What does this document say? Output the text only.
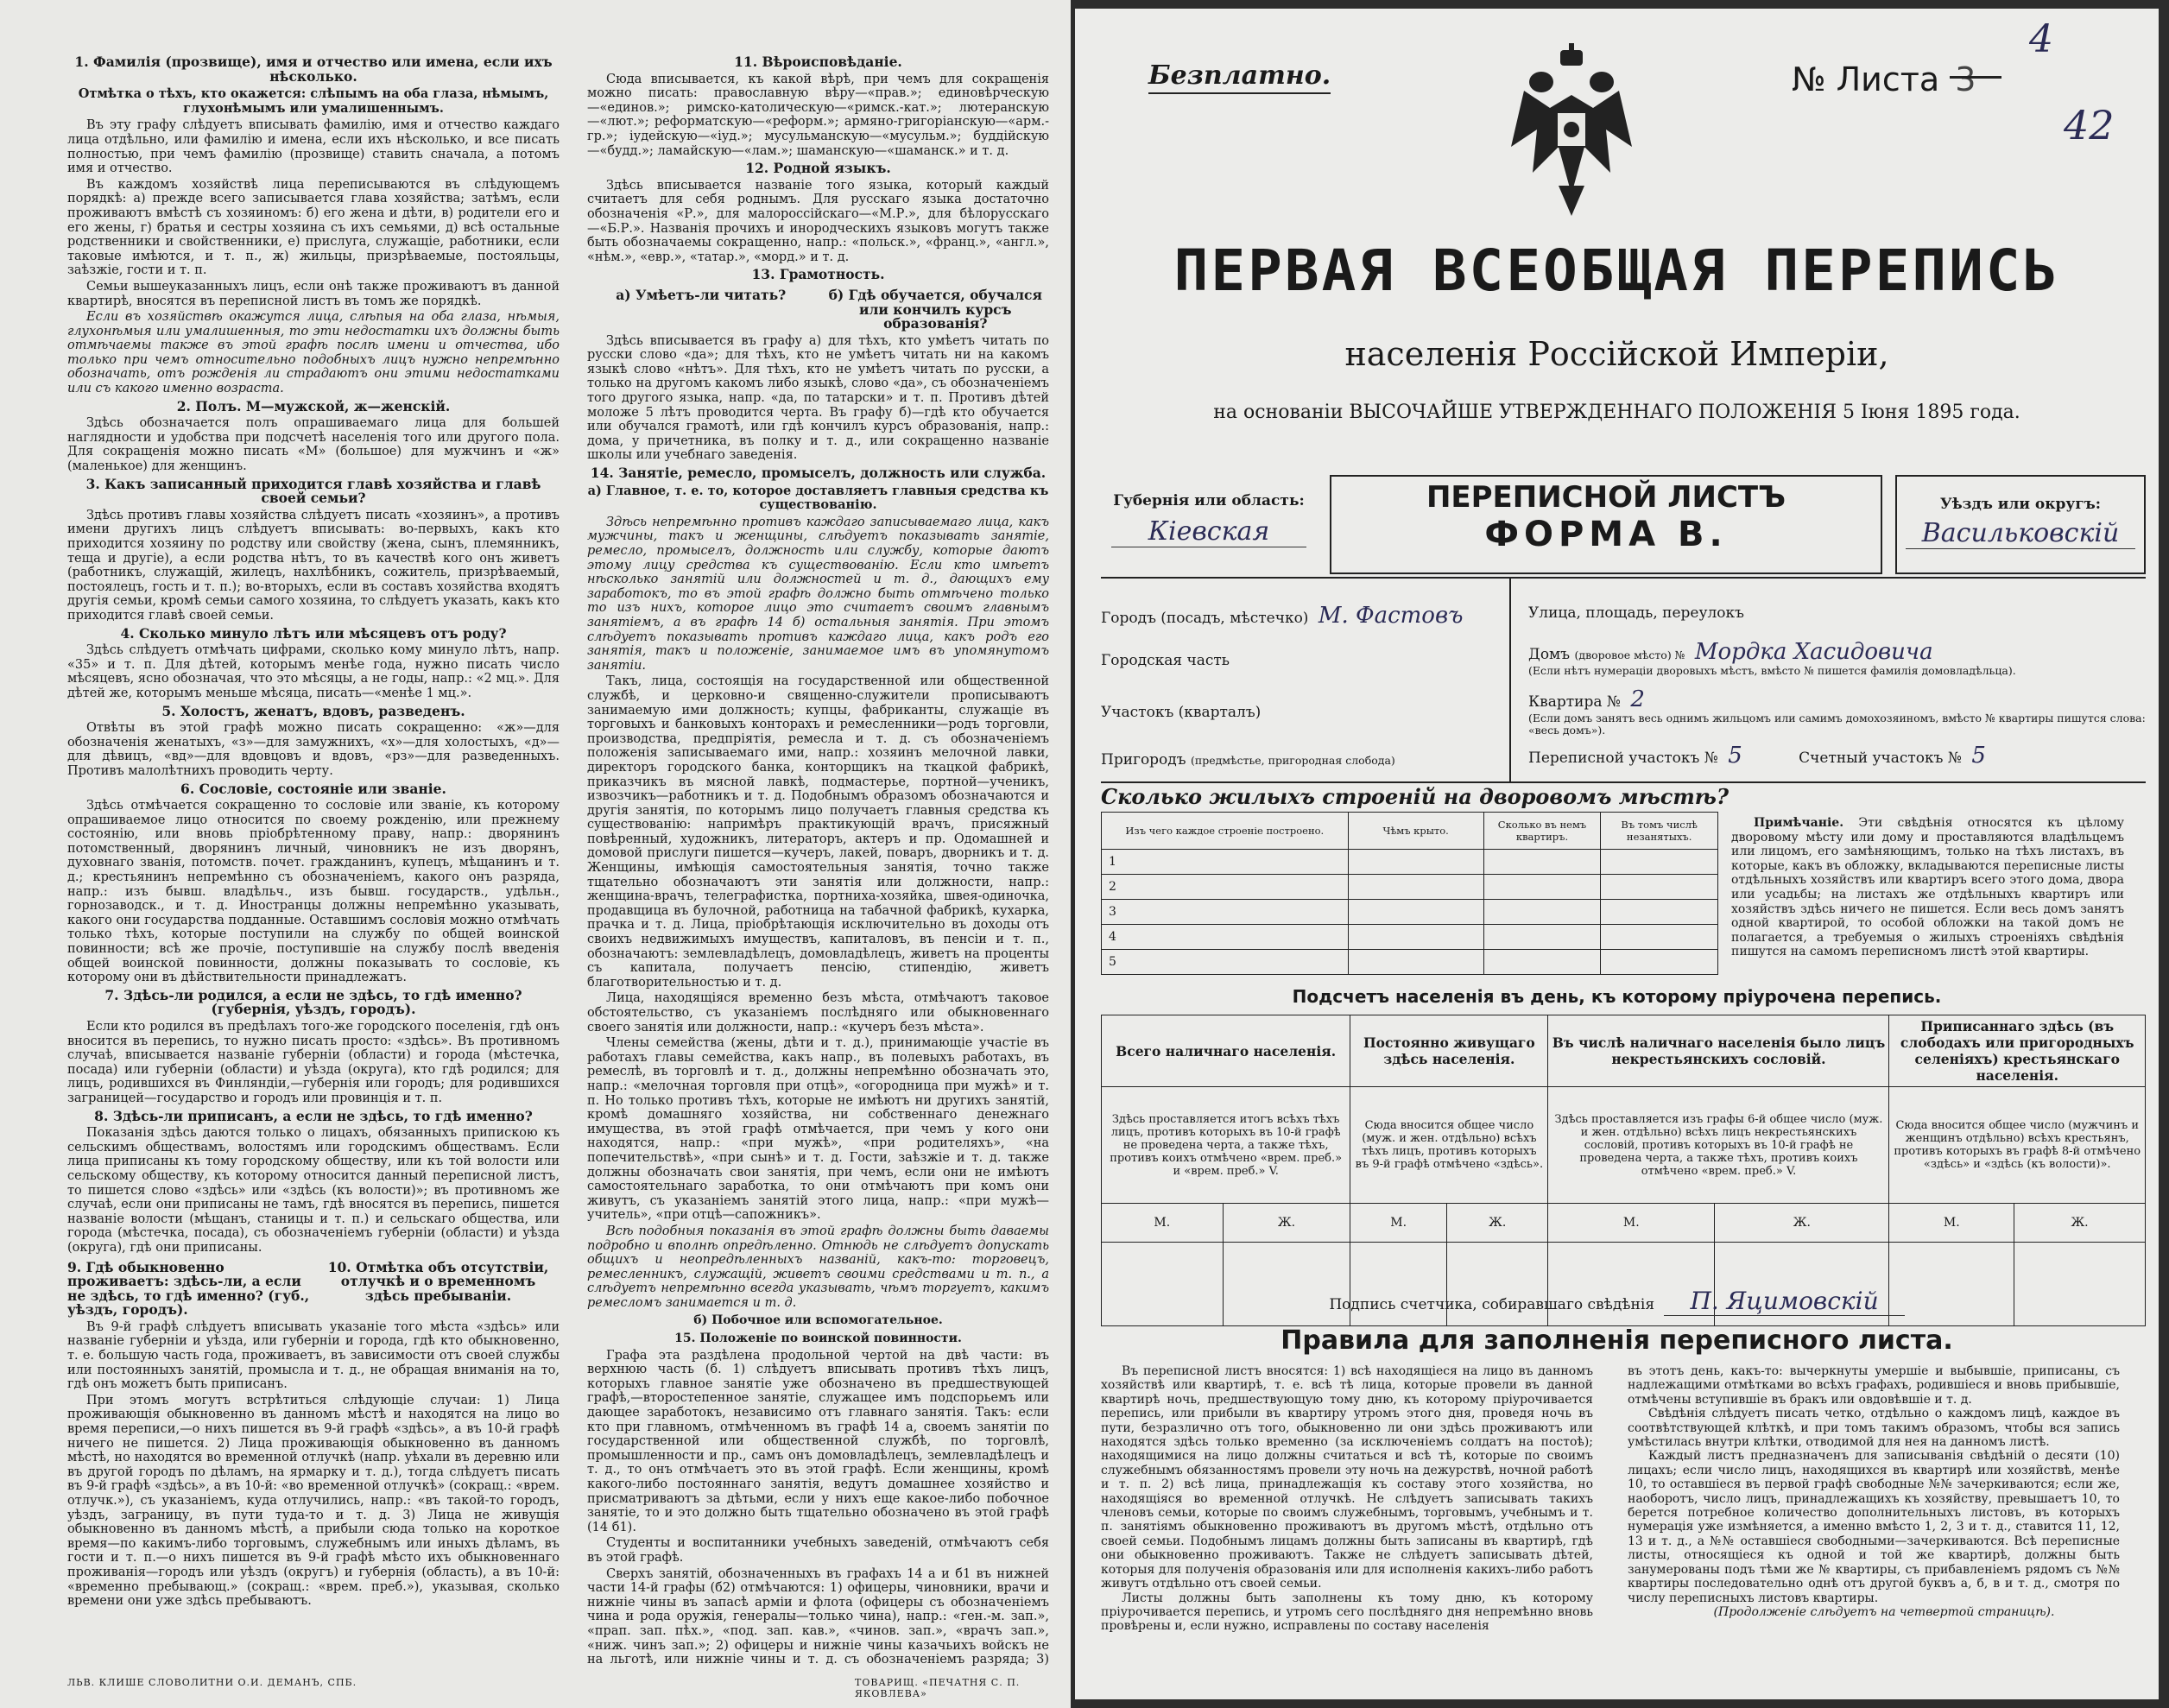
1. Фамилія (прозвище), имя и отчество или имена, если ихъ нѣсколько.
Отмѣтка о тѣхъ, кто окажется: слѣпымъ на оба глаза, нѣмымъ, глухонѣмымъ или умалишеннымъ.

Въ эту графу слѣдуетъ вписывать фамилію, имя и отчество каждаго лица отдѣльно, или фамилію и имена, если ихъ нѣсколько, и все писать полностью, при чемъ фамилію (прозвище) ставить сначала, а потомъ имя и отчество.

Въ каждомъ хозяйствѣ лица переписываются въ слѣдующемъ порядкѣ: а) прежде всего записывается глава хозяйства; затѣмъ, если проживаютъ вмѣстѣ съ хозяиномъ: б) его жена и дѣти, в) родители его и его жены, г) братья и сестры хозяина съ ихъ семьями, д) всѣ остальные родственники и свойственники, е) прислуга, служащіе, работники, если таковые имѣются, и т. п., ж) жильцы, призрѣваемые, постояльцы, заѣзжіе, гости и т. п.

Семьи вышеуказанныхъ лицъ, если онѣ также проживаютъ въ данной квартирѣ, вносятся въ переписной листъ въ томъ же порядкѣ.

Если въ хозяйствѣ окажутся лица, слѣпыя на оба глаза, нѣмыя, глухонѣмыя или умалишенныя, то эти недостатки ихъ должны быть отмѣчаемы также въ этой графѣ послѣ имени и отчества, ибо только при чемъ относительно подобныхъ лицъ нужно непремѣнно обозначать, отъ рожденія ли страдаютъ они этими недостатками или съ какого именно возраста.

2. Полъ. М—мужской, ж—женскій.

Здѣсь обозначается полъ опрашиваемаго лица для большей наглядности и удобства при подсчетѣ населенія того или другого пола. Для сокращенія можно писать «М» (большое) для мужчинъ и «ж» (маленькое) для женщинъ.

3. Какъ записанный приходится главѣ хозяйства и главѣ своей семьи?

Здѣсь противъ главы хозяйства слѣдуетъ писать «хозяинъ», а противъ имени другихъ лицъ слѣдуетъ вписывать: во-первыхъ, какъ кто приходится хозяину по родству или свойству (жена, сынъ, племянникъ, теща и другіе), а если родства нѣтъ, то въ качествѣ кого онъ живетъ (работникъ, служащій, жилецъ, нахлѣбникъ, сожитель, призрѣваемый, постоялецъ, гость и т. п.); во-вторыхъ, если въ составъ хозяйства входятъ другія семьи, кромѣ семьи самого хозяина, то слѣдуетъ указать, какъ кто приходится главѣ своей семьи.

4. Сколько минуло лѣтъ или мѣсяцевъ отъ роду?

Здѣсь слѣдуетъ отмѣчать цифрами, сколько кому минуло лѣтъ, напр. «35» и т. п. Для дѣтей, которымъ менѣе года, нужно писать число мѣсяцевъ, ясно обозначая, что это мѣсяцы, а не годы, напр.: «2 мц.». Для дѣтей же, которымъ меньше мѣсяца, писать—«менѣе 1 мц.».

5. Холостъ, женатъ, вдовъ, разведенъ.

Отвѣты въ этой графѣ можно писать сокращенно: «ж»—для обозначенія женатыхъ, «з»—для замужнихъ, «х»—для холостыхъ, «д»—для дѣвицъ, «вд»—для вдовцовъ и вдовъ, «рз»—для разведенныхъ. Противъ малолѣтнихъ проводить черту.

6. Сословіе, состояніе или званіе.

Здѣсь отмѣчается сокращенно то сословіе или званіе, къ которому опрашиваемое лицо относится по своему рожденію, или прежнему состоянію, или вновь пріобрѣтенному праву, напр.: дворянинъ потомственный, дворянинъ личный, чиновникъ не изъ дворянъ, духовнаго званія, потомств. почет. гражданинъ, купецъ, мѣщанинъ и т. д.; крестьянинъ непремѣнно съ обозначеніемъ, какого онъ разряда, напр.: изъ бывш. владѣльч., изъ бывш. государств., удѣльн., горнозаводск., и т. д. Иностранцы должны непремѣнно указывать, какого они государства подданные. Оставшимъ сословія можно отмѣчать только тѣхъ, которые поступили на службу по общей воинской повинности; всѣ же прочіе, поступившіе на службу послѣ введенія общей воинской повинности, должны показывать то сословіе, къ которому они въ дѣйствительности принадлежатъ.

7. Здѣсь-ли родился, а если не здѣсь, то гдѣ именно? (губернія, уѣздъ, городъ).

Если кто родился въ предѣлахъ того-же городского поселенія, гдѣ онъ вносится въ перепись, то нужно писать просто: «здѣсь». Въ противномъ случаѣ, вписывается названіе губерніи (области) и города (мѣстечка, посада) или губерніи (области) и уѣзда (округа), кто гдѣ родился; для лицъ, родившихся въ Финляндіи,—губернія или городъ; для родившихся заграницей—государство и городъ или провинція и т. п.

8. Здѣсь-ли приписанъ, а если не здѣсь, то гдѣ именно?

Показанія здѣсь даются только о лицахъ, обязанныхъ припискою къ сельскимъ обществамъ, волостямъ или городскимъ обществамъ. Если лица приписаны къ тому городскому обществу, или къ той волости или сельскому обществу, къ которому относится данный переписной листъ, то пишется слово «здѣсь» или «здѣсь (къ волости)»; въ противномъ же случаѣ, если они приписаны не тамъ, гдѣ вносятся въ перепись, пишется названіе волости (мѣщанъ, станицы и т. п.) и сельскаго общества, или города (мѣстечка, посада), съ обозначеніемъ губерніи (области) и уѣзда (округа), гдѣ они приписаны.

9. Гдѣ обыкновенно проживаетъ: здѣсь-ли, а если не здѣсь, то гдѣ именно? (губ., уѣздъ, городъ).
10. Отмѣтка объ отсутствіи, отлучкѣ и о временномъ здѣсь пребываніи.

Въ 9-й графѣ слѣдуетъ вписывать указаніе того мѣста «здѣсь» или названіе губерніи и уѣзда, или губерніи и города, гдѣ кто обыкновенно, т. е. большую часть года, проживаетъ, въ зависимости отъ своей службы или постоянныхъ занятій, промысла и т. д., не обращая вниманія на то, гдѣ онъ можетъ быть приписанъ.

При этомъ могутъ встрѣтиться слѣдующіе случаи: 1) Лица проживающія обыкновенно въ данномъ мѣстѣ и находятся на лицо во время переписи,—о нихъ пишется въ 9-й графѣ «здѣсь», а въ 10-й графѣ ничего не пишется. 2) Лица проживающія обыкновенно въ данномъ мѣстѣ, но находятся во временной отлучкѣ (напр. уѣхали въ деревню или въ другой городъ по дѣламъ, на ярмарку и т. д.), тогда слѣдуетъ писать въ 9-й графѣ «здѣсь», а въ 10-й: «во временной отлучкѣ» (сокращ.: «врем. отлучк.»), съ указаніемъ, куда отлучились, напр.: «въ такой-то городъ, уѣздъ, заграницу, въ пути туда-то и т. д. 3) Лица не живущія обыкновенно въ данномъ мѣстѣ, а прибыли сюда только на короткое время—по какимъ-либо торговымъ, служебнымъ или иныхъ дѣламъ, въ гости и т. п.—о нихъ пишется въ 9-й графѣ мѣсто ихъ обыкновеннаго проживанія—городъ или уѣздъ (округъ) и губернія (область), а въ 10-й: «временно пребывающ.» (сокращ.: «врем. преб.»), указывая, сколько времени они уже здѣсь пребываютъ.

ЛЬВ. КЛИШЕ СЛОВОЛИТНИ О.И. ДЕМАНЪ, СПБ.
11. Вѣроисповѣданіе.

Сюда вписывается, къ какой вѣрѣ, при чемъ для сокращенія можно писать: православную вѣру—«прав.»; единовѣрческую—«единов.»; римско-католическую—«римск.-кат.»; лютеранскую—«лют.»; реформатскую—«реформ.»; армяно-григоріанскую—«арм.-гр.»; іудейскую—«іуд.»; мусульманскую—«мусульм.»; буддійскую—«будд.»; ламайскую—«лам.»; шаманскую—«шаманск.» и т. д.

12. Родной языкъ.

Здѣсь вписывается названіе того языка, который каждый считаетъ для себя роднымъ. Для русскаго языка достаточно обозначенія «Р.», для малороссійскаго—«М.Р.», для бѣлорусскаго—«Б.Р.». Названія прочихъ и инородческихъ языковъ могутъ также быть обозначаемы сокращенно, напр.: «польск.», «франц.», «англ.», «нѣм.», «евр.», «татар.», «морд.» и т. д.

13. Грамотность.
а) Умѣетъ-ли читать?	б) Гдѣ обучается, обучался или кончилъ курсъ образованія?

Здѣсь вписывается въ графу а) для тѣхъ, кто умѣетъ читать по русски слово «да»; для тѣхъ, кто не умѣетъ читать ни на какомъ языкѣ слово «нѣтъ». Для тѣхъ, кто не умѣетъ читать по русски, а только на другомъ какомъ либо языкѣ, слово «да», съ обозначеніемъ того другого языка, напр. «да, по татарски» и т. п. Противъ дѣтей моложе 5 лѣтъ проводится черта. Въ графу б)—гдѣ кто обучается или обучался грамотѣ, или гдѣ кончилъ курсъ образованія, напр.: дома, у причетника, въ полку и т. д., или сокращенно названіе школы или учебнаго заведенія.

14. Занятіе, ремесло, промыселъ, должность или служба.
а) Главное, т. е. то, которое доставляетъ главныя средства къ существованію.

Здѣсь непремѣнно противъ каждаго записываемаго лица, какъ мужчины, такъ и женщины, слѣдуетъ показывать занятіе, ремесло, промыселъ, должность или службу, которые даютъ этому лицу средства къ существованію. Если кто имѣетъ нѣсколько занятій или должностей и т. д., дающихъ ему заработокъ, то въ этой графѣ должно быть отмѣчено только то изъ нихъ, которое лицо это считаетъ своимъ главнымъ занятіемъ, а въ графѣ 14 б) остальныя занятія. При этомъ слѣдуетъ показывать противъ каждаго лица, какъ родъ его занятія, такъ и положеніе, занимаемое имъ въ упомянутомъ занятіи.

Такъ, лица, состоящія на государственной или общественной службѣ, и церковно-и священно-служители прописываютъ занимаемую ими должность; купцы, фабриканты, служащіе въ торговыхъ и банковыхъ конторахъ и ремесленники—родъ торговли, производства, предпріятія, ремесла и т. д. съ обозначеніемъ положенія записываемаго ими, напр.: хозяинъ мелочной лавки, директоръ городского банка, конторщикъ на ткацкой фабрикѣ, приказчикъ въ мясной лавкѣ, подмастерье, портной—ученикъ, извозчикъ—работникъ и т. д. Подобнымъ образомъ обозначаются и другія занятія, по которымъ лицо получаетъ главныя средства къ существованію: напримѣръ практикующій врачъ, присяжный повѣренный, художникъ, литераторъ, актеръ и пр. Одомашней и домовой прислуги пишется—кучеръ, лакей, поваръ, дворникъ и т. д. Женщины, имѣющія самостоятельныя занятія, точно также тщательно обозначаютъ эти занятія или должности, напр.: женщина-врачъ, телеграфистка, портниха-хозяйка, швея-одиночка, продавщица въ булочной, работница на табачной фабрикѣ, кухарка, прачка и т. д. Лица, пріобрѣтающія исключительно въ доходы отъ своихъ недвижимыхъ имуществъ, капиталовъ, въ пенсіи и т. п., обозначаютъ: землевладѣлецъ, домовладѣлецъ, живетъ на проценты съ капитала, получаетъ пенсію, стипендію, живетъ благотворительностью и т. д.

Лица, находящіяся временно безъ мѣста, отмѣчаютъ таковое обстоятельство, съ указаніемъ послѣдняго или обыкновеннаго своего занятія или должности, напр.: «кучеръ безъ мѣста».

Члены семейства (жены, дѣти и т. д.), принимающіе участіе въ работахъ главы семейства, какъ напр., въ полевыхъ работахъ, въ ремеслѣ, въ торговлѣ и т. д., должны непремѣнно обозначать это, напр.: «мелочная торговля при отцѣ», «огородница при мужѣ» и т. п. Но только противъ тѣхъ, которые не имѣютъ ни другихъ занятій, кромѣ домашняго хозяйства, ни собственнаго денежнаго имущества, въ этой графѣ отмѣчается, при чемъ у кого они находятся, напр.: «при мужѣ», «при родителяхъ», «на попечительствѣ», «при сынѣ» и т. д. Гости, заѣзжіе и т. д. также должны обозначать свои занятія, при чемъ, если они не имѣютъ самостоятельнаго заработка, то они отмѣчаютъ при комъ они живутъ, съ указаніемъ занятій этого лица, напр.: «при мужѣ—учитель», «при отцѣ—сапожникъ».

Всѣ подобныя показанія въ этой графѣ должны быть даваемы подробно и вполнѣ опредѣленно. Отнюдь не слѣдуетъ допускать общихъ и неопредѣленныхъ названій, какъ-то: торговецъ, ремесленникъ, служащій, живетъ своими средствами и т. п., а слѣдуетъ непремѣнно всегда указывать, чѣмъ торгуетъ, какимъ ремесломъ занимается и т. д.

б) Побочное или вспомогательное.
15. Положеніе по воинской повинности.

Графа эта раздѣлена продольной чертой на двѣ части: въ верхнюю часть (б. 1) слѣдуетъ вписывать противъ тѣхъ лицъ, которыхъ главное занятіе уже обозначено въ предшествующей графѣ,—второстепенное занятіе, служащее имъ подспорьемъ или дающее заработокъ, независимо отъ главнаго занятія. Такъ: если кто при главномъ, отмѣченномъ въ графѣ 14 а, своемъ занятіи по государственной или общественной службѣ, по торговлѣ, промышленности и пр., самъ онъ домовладѣлецъ, землевладѣлецъ и т. д., то онъ отмѣчаетъ это въ этой графѣ. Если женщины, кромѣ какого-либо постояннаго занятія, ведутъ домашнее хозяйство и присматриваютъ за дѣтьми, если у нихъ еще какое-либо побочное занятіе, то и это должно быть тщательно обозначено въ этой графѣ (14 б1).

Студенты и воспитанники учебныхъ заведеній, отмѣчаютъ себя въ этой графѣ.

Сверхъ занятій, обозначенныхъ въ графахъ 14 а и б1 въ нижней части 14-й графы (б2) отмѣчаются: 1) офицеры, чиновники, врачи и нижніе чины въ запасѣ арміи и флота (офицеры съ обозначеніемъ чина и рода оружія, генералы—только чина), напр.: «ген.-м. зап.», «прап. зап. пѣх.», «под. зап. кав.», «чинов. зап.», «врачъ зап.», «ниж. чинъ зап.»; 2) офицеры и нижніе чины казачьихъ войскъ не на льготѣ, или нижніе чины и т. д. съ обозначеніемъ разряда; 3)

ТОВАРИЩ. «ПЕЧАТНЯ С. П. ЯКОВЛЕВА»
Безплатно.	№ Листа 3
4
42
ПЕРВАЯ ВСЕОБЩАЯ ПЕРЕПИСЬ
населенія Россійской Имперіи,
на основаніи ВЫСОЧАЙШЕ УТВЕРЖДЕННАГО ПОЛОЖЕНІЯ 5 Іюня 1895 года.
Губернія или область:
Кіевская
ПЕРЕПИСНОЙ ЛИСТЪ
ФОРМА В.
Уѣздъ или округъ:
Васильковскій
Городъ (посадъ, мѣстечко) М. Фастовъ
Городская часть
Участокъ (кварталъ)
Пригородъ (предмѣстье, пригородная слобода)
Улица, площадь, переулокъ
Домъ (дворовое мѣсто) № Мордка Хасидовича
(Если нѣтъ нумераціи дворовыхъ мѣстъ, вмѣсто № пишется фамилія домовладѣльца).
Квартира № 2
(Если домъ занятъ весь однимъ жильцомъ или самимъ домохозяиномъ, вмѣсто № квартиры пишутся слова: «весь домъ»).
Переписной участокъ № 5	Счетный участокъ № 5
Сколько жилыхъ строеній на дворовомъ мѣстѣ?
Изъ чего каждое строеніе построено.	Чѣмъ крыто.	Сколько въ немъ квартиръ.	Въ томъ числѣ незанятыхъ.
1			
2			
3			
4			
5			
Примѣчаніе. Эти свѣдѣнія относятся къ цѣлому дворовому мѣсту или дому и проставляются владѣльцемъ или лицомъ, его замѣняющимъ, только на тѣхъ листахъ, въ которые, какъ въ обложку, вкладываются переписные листы отдѣльныхъ хозяйствъ или квартиръ всего этого дома, двора или усадьбы; на листахъ же отдѣльныхъ квартиръ или хозяйствъ здѣсь ничего не пишется. Если весь домъ занятъ одной квартирой, то особой обложки на такой домъ не полагается, а требуемыя о жилыхъ строеніяхъ свѣдѣнія пишутся на самомъ переписномъ листѣ этой квартиры.
Подсчетъ населенія въ день, къ которому пріурочена перепись.
Всего наличнаго населенія.		Постоянно живущаго здѣсь населенія.		Въ числѣ наличнаго населенія было лицъ некрестьянскихъ сословій.		Приписаннаго здѣсь (въ слободахъ или пригородныхъ селеніяхъ) крестьянскаго населенія.	
Здѣсь проставляется итогъ всѣхъ тѣхъ лицъ, противъ которыхъ въ 10-й графѣ не проведена черта, а также тѣхъ, противъ коихъ отмѣчено «врем. преб.» и «врем. преб.» V.		Сюда вносится общее число (муж. и жен. отдѣльно) всѣхъ тѣхъ лицъ, противъ которыхъ въ 9-й графѣ отмѣчено «здѣсь».		Здѣсь проставляется изъ графы 6-й общее число (муж. и жен. отдѣльно) всѣхъ лицъ некрестьянскихъ сословій, противъ которыхъ въ 10-й графѣ не проведена черта, а также тѣхъ, противъ коихъ отмѣчено «врем. преб.» V.		Сюда вносится общее число (мужчинъ и женщинъ отдѣльно) всѣхъ крестьянъ, противъ которыхъ въ графѣ 8-й отмѣчено «здѣсь» и «здѣсь (къ волости)».	
М.	Ж.	М.	Ж.	М.	Ж.	М.	Ж.

Подпись счетчика, собиравшаго свѣдѣнія П. Яцимовскій
Правила для заполненія переписного листа.

Въ переписной листъ вносятся: 1) всѣ находящіеся на лицо въ данномъ хозяйствѣ или квартирѣ, т. е. всѣ тѣ лица, которые провели въ данной квартирѣ ночь, предшествующую тому дню, къ которому пріурочивается перепись, или прибыли въ квартиру утромъ этого дня, проведя ночь въ пути, безразлично отъ того, обыкновенно ли они здѣсь проживаютъ или находятся здѣсь только временно (за исключеніемъ солдатъ на постоѣ); находящимися на лицо должны считаться и всѣ тѣ, которые по своимъ служебнымъ обязанностямъ провели эту ночь на дежурствѣ, ночной работѣ и т. п. 2) всѣ лица, принадлежащія къ составу этого хозяйства, но находящіяся во временной отлучкѣ. Не слѣдуетъ записывать такихъ членовъ семьи, которые по своимъ служебнымъ, торговымъ, учебнымъ и т. п. занятіямъ обыкновенно проживаютъ въ другомъ мѣстѣ, отдѣльно отъ своей семьи. Подобнымъ лицамъ должны быть записаны въ квартирѣ, гдѣ они обыкновенно проживаютъ. Также не слѣдуетъ записывать дѣтей, которыя для полученія образованія или для исполненія какихъ-либо работъ живутъ отдѣльно отъ своей семьи.

Листы должны быть заполнены къ тому дню, къ которому пріурочивается перепись, и утромъ сего послѣдняго дня непремѣнно вновь провѣрены и, если нужно, исправлены по составу населенія

въ этотъ день, какъ-то: вычеркнуты умершіе и выбывшіе, приписаны, съ надлежащими отмѣтками во всѣхъ графахъ, родившіеся и вновь прибывшіе, отмѣчены вступившіе въ бракъ или овдовѣвшіе и т. д.

Свѣдѣнія слѣдуетъ писать четко, отдѣльно о каждомъ лицѣ, каждое въ соотвѣтствующей клѣткѣ, и при томъ такимъ образомъ, чтобы вся запись умѣстилась внутри клѣтки, отводимой для нея на данномъ листѣ.

Каждый листъ предназначенъ для записыванія свѣдѣній о десяти (10) лицахъ; если число лицъ, находящихся въ квартирѣ или хозяйствѣ, менѣе 10, то оставшіеся въ первой графѣ свободные №№ зачеркиваются; если же, наоборотъ, число лицъ, принадлежащихъ къ хозяйству, превышаетъ 10, то берется потребное количество дополнительныхъ листовъ, въ которыхъ нумерація уже измѣняется, а именно вмѣсто 1, 2, 3 и т. д., ставится 11, 12, 13 и т. д., а №№ оставшіеся свободными—зачеркиваются. Всѣ переписные листы, относящіеся къ одной и той же квартирѣ, должны быть занумерованы подъ тѣми же № квартиры, съ прибавленіемъ рядомъ съ №№ квартиры последовательно однѣ отъ другой буквъ а, б, в и т. д., смотря по числу переписныхъ листовъ квартиры.

(Продолженіе слѣдуетъ на четвертой страницѣ).
